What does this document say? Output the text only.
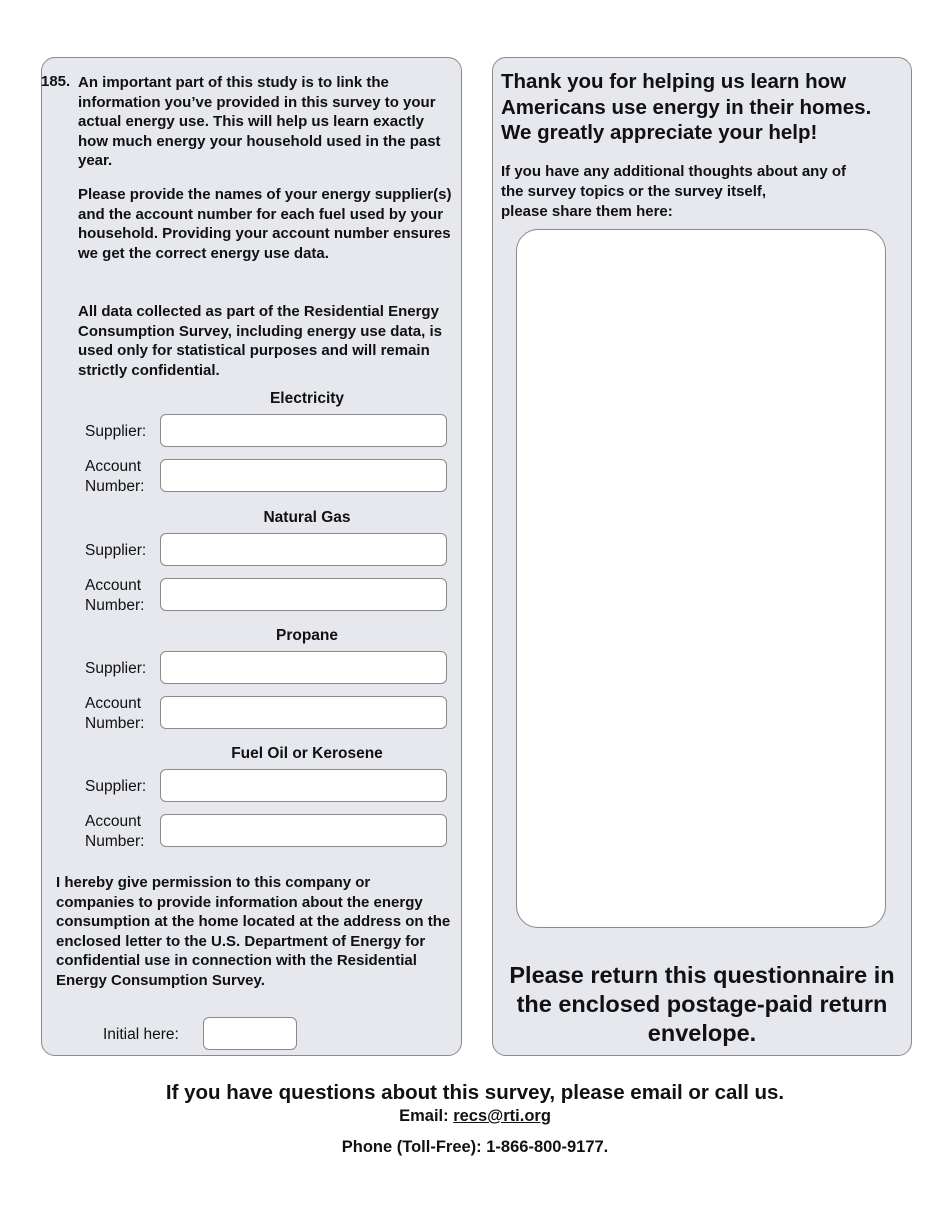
185. An important part of this study is to link the information you’ve provided in this survey to your actual energy use. This will help us learn exactly how much energy your household used in the past year.

Please provide the names of your energy supplier(s) and the account number for each fuel used by your household. Providing your account number ensures we get the correct energy use data.

All data collected as part of the Residential Energy Consumption Survey, including energy use data, is used only for statistical purposes and will remain strictly confidential.

Electricity
Supplier:
Account
Number:
Natural Gas
Supplier:
Account
Number:
Propane
Supplier:
Account
Number:
Fuel Oil or Kerosene
Supplier:
Account
Number:

I hereby give permission to this company or companies to provide information about the energy consumption at the home located at the address on the enclosed letter to the U.S. Department of Energy for confidential use in connection with the Residential Energy Consumption Survey.

Initial here:

Thank you for helping us learn how Americans use energy in their homes. We greatly appreciate your help!

If you have any additional thoughts about any of
the survey topics or the survey itself,
please share them here:

Please return this questionnaire in the enclosed postage-paid return envelope.

If you have questions about this survey, please email or call us.
Email: recs@rti.org
Phone (Toll-Free): 1-866-800-9177.
